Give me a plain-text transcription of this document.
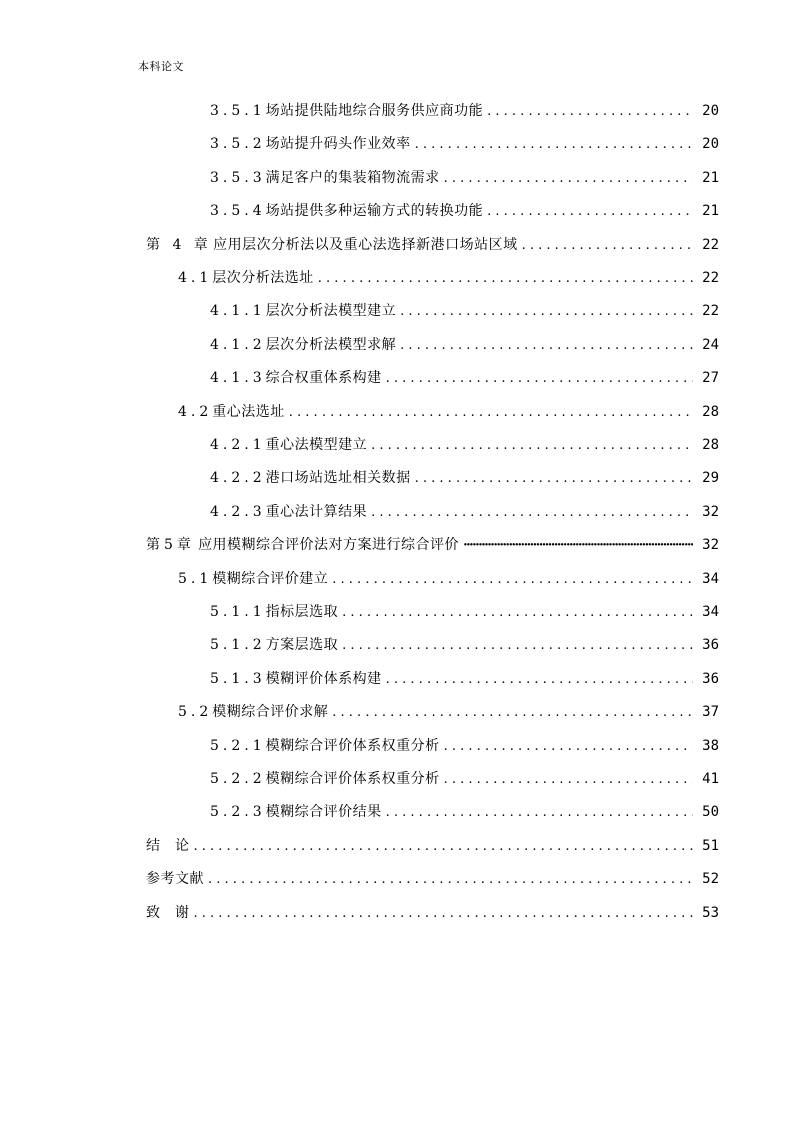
本科论文
3.5.1 场站提供陆地综合服务供应商功能 . . .	20
3.5.2 场站提升码头作业效率 . . .	20
3.5.3 满足客户的集装箱物流需求 . . .	21
3.5.4 场站提供多种运输方式的转换功能 . . .	21
第 4 章 应用层次分析法以及重心法选择新港口场站区域 . . .	22
4.1 层次分析法选址 . . .	22
4.1.1 层次分析法模型建立 . . .	22
4.1.2 层次分析法模型求解 . . .	24
4.1.3 综合权重体系构建 . . .	27
4.2 重心法选址 . . .	28
4.2.1 重心法模型建立 . . .	28
4.2.2 港口场站选址相关数据 . . .	29
4.2.3 重心法计算结果 . . .	32
第5章 应用模糊综合评价法对方案进行综合评价 ·····	32
5.1 模糊综合评价建立 . . .	34
5.1.1 指标层选取 . . .	34
5.1.2 方案层选取 . . .	36
5.1.3 模糊评价体系构建 . . .	36
5.2 模糊综合评价求解 . . .	37
5.2.1 模糊综合评价体系权重分析 . . .	38
5.2.2 模糊综合评价体系权重分析 . . .	41
5.2.3 模糊综合评价结果 . . .	50
结　论 . . .	51
参考文献 . . .	52
致　谢 . . .	53
